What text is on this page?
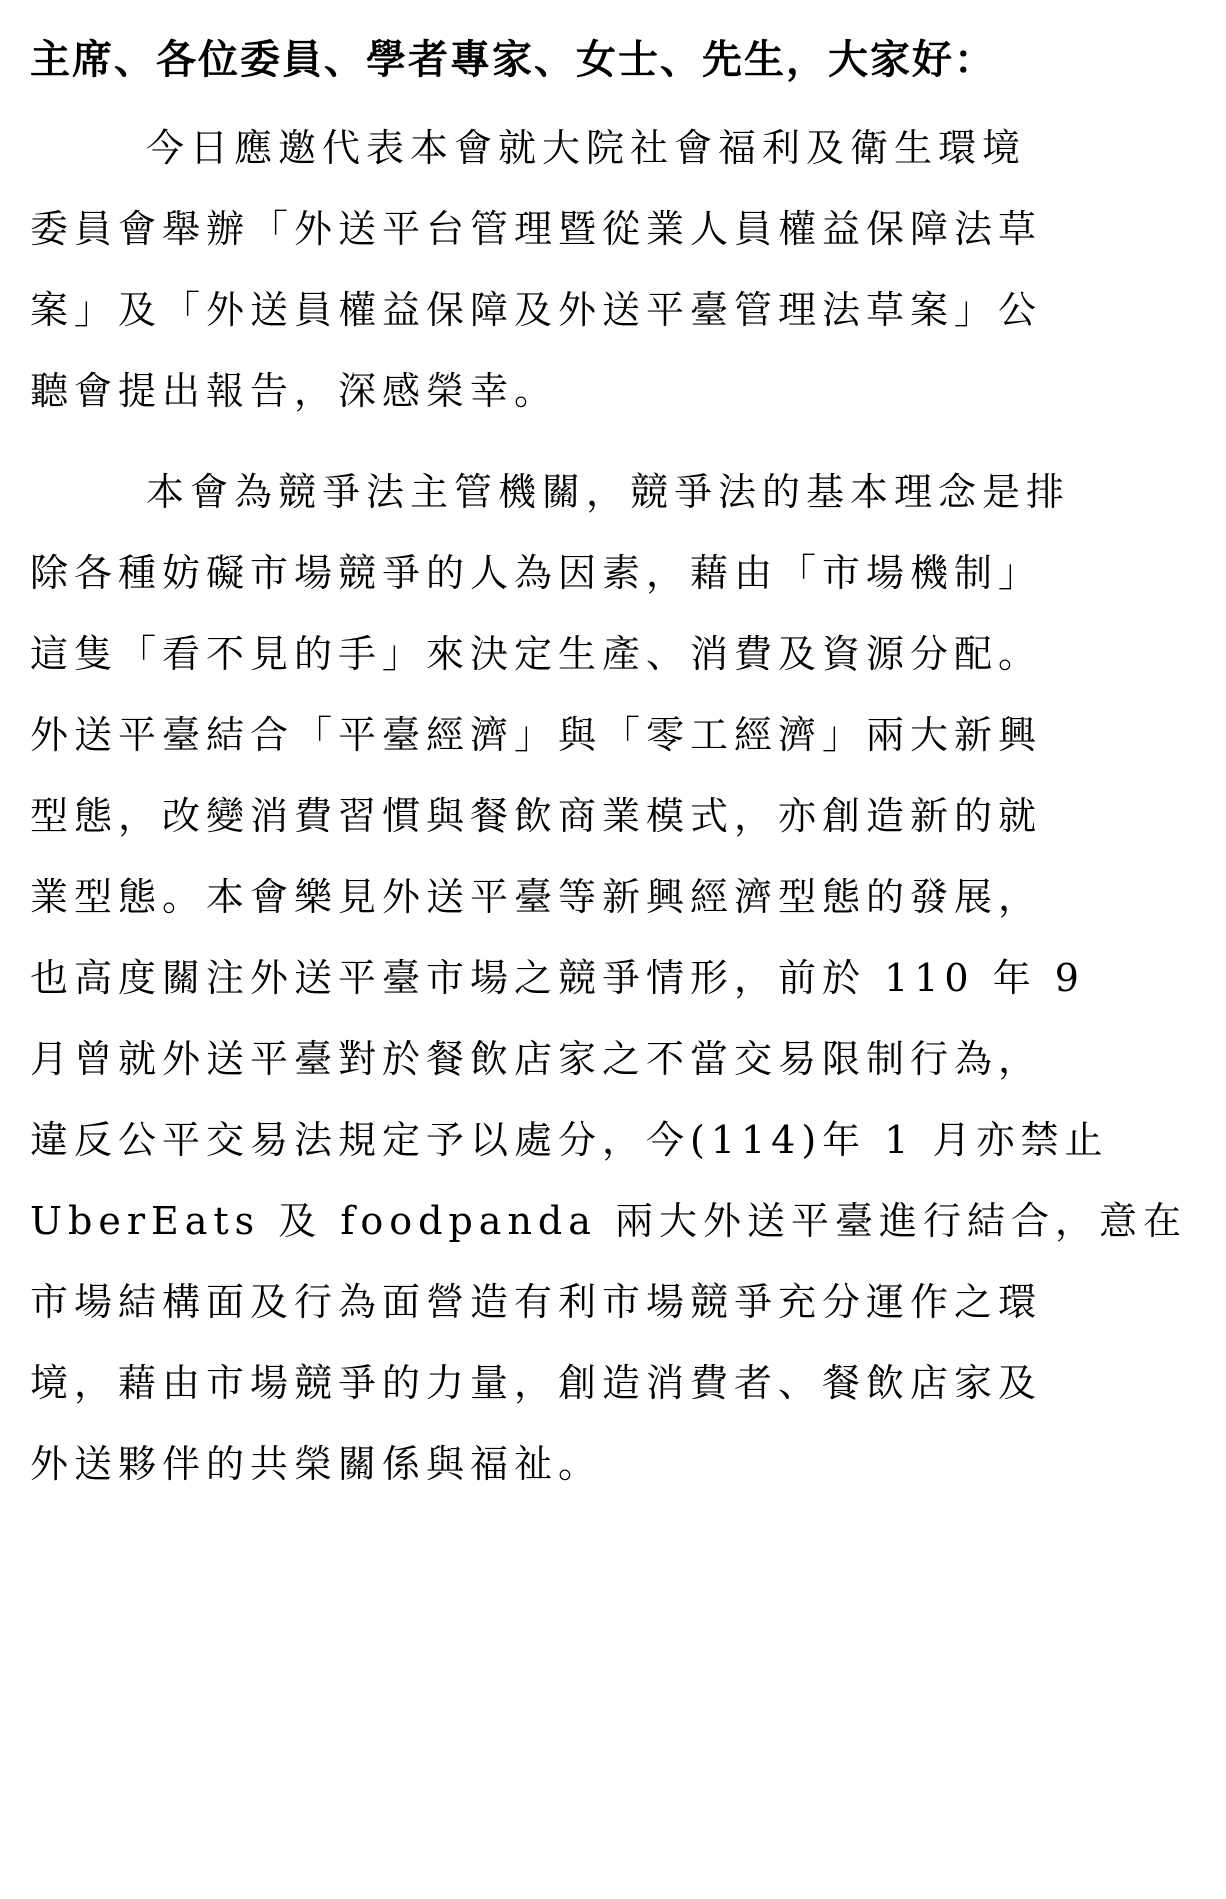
主席、各位委員、學者專家、女士、先生，大家好：
今日應邀代表本會就大院社會福利及衛生環境
委員會舉辦「外送平台管理暨從業人員權益保障法草
案」及「外送員權益保障及外送平臺管理法草案」公
聽會提出報告，深感榮幸。
本會為競爭法主管機關，競爭法的基本理念是排
除各種妨礙市場競爭的人為因素，藉由「市場機制」
這隻「看不見的手」來決定生產、消費及資源分配。
外送平臺結合「平臺經濟」與「零工經濟」兩大新興
型態，改變消費習慣與餐飲商業模式，亦創造新的就
業型態。本會樂見外送平臺等新興經濟型態的發展，
也高度關注外送平臺市場之競爭情形，前於 110 年 9
月曾就外送平臺對於餐飲店家之不當交易限制行為，
違反公平交易法規定予以處分，今(114)年 1 月亦禁止
UberEats 及 foodpanda 兩大外送平臺進行結合，意在
市場結構面及行為面營造有利市場競爭充分運作之環
境，藉由市場競爭的力量，創造消費者、餐飲店家及
外送夥伴的共榮關係與福祉。
